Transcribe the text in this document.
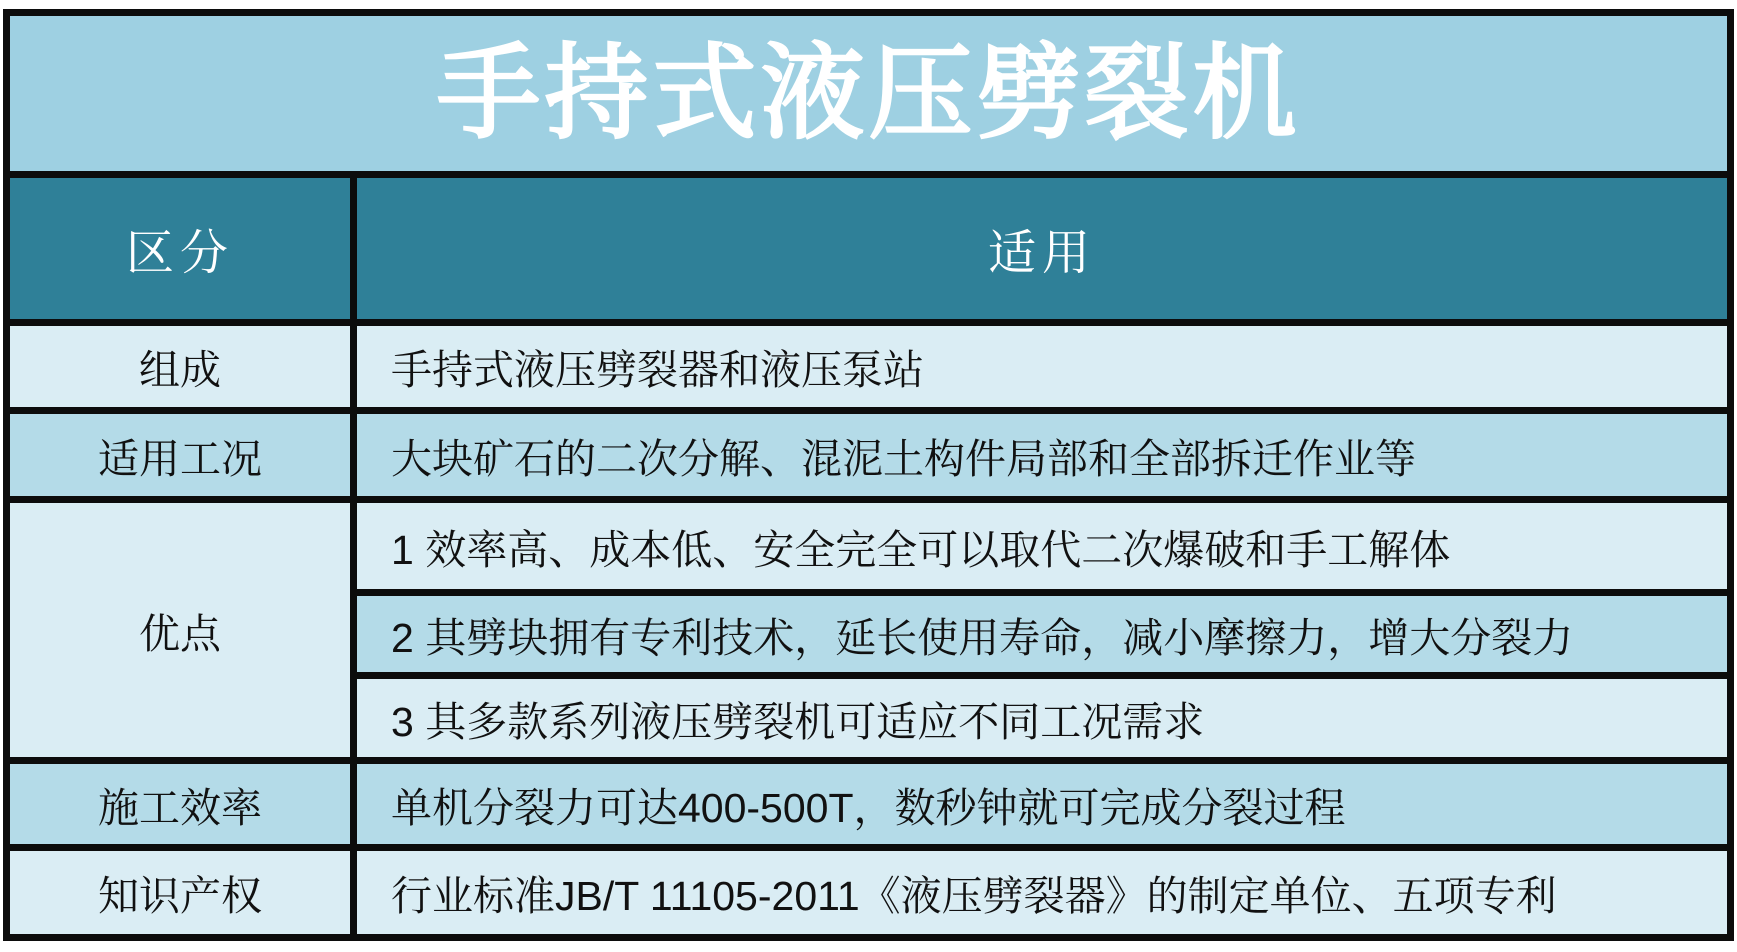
手持式液压劈裂机	
区分	适用
组成	手持式液压劈裂器和液压泵站
适用工况	大块矿石的二次分解、混泥土构件局部和全部拆迁作业等
优点	1 效率高、成本低、安全完全可以取代二次爆破和手工解体
	2 其劈块拥有专利技术，延长使用寿命，减小摩擦力，增大分裂力
	3 其多款系列液压劈裂机可适应不同工况需求
施工效率	单机分裂力可达400-500T，数秒钟就可完成分裂过程
知识产权	行业标准JB/T 11105-2011《液压劈裂器》的制定单位、五项专利
